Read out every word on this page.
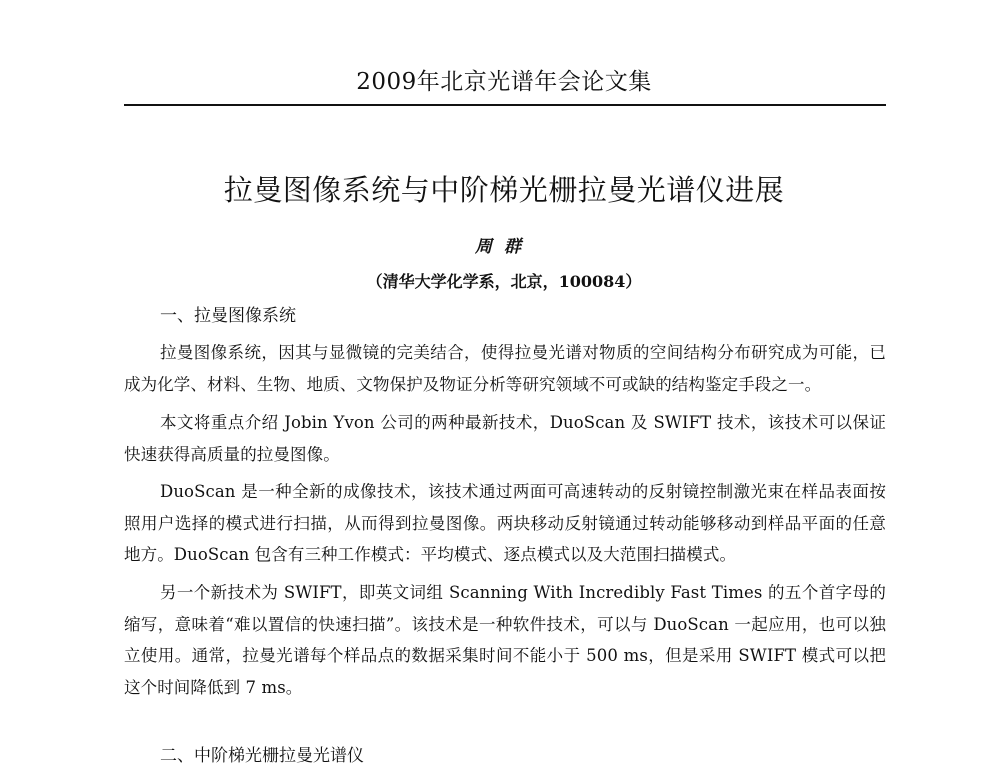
2009年北京光谱年会论文集
拉曼图像系统与中阶梯光栅拉曼光谱仪进展
周群
（清华大学化学系，北京，100084）
一、拉曼图像系统

拉曼图像系统，因其与显微镜的完美结合，使得拉曼光谱对物质的空间结构分布研究成为可能，已成为化学、材料、生物、地质、文物保护及物证分析等研究领域不可或缺的结构鉴定手段之一。

本文将重点介绍 Jobin Yvon 公司的两种最新技术，DuoScan 及 SWIFT 技术，该技术可以保证快速获得高质量的拉曼图像。

DuoScan 是一种全新的成像技术，该技术通过两面可高速转动的反射镜控制激光束在样品表面按照用户选择的模式进行扫描，从而得到拉曼图像。两块移动反射镜通过转动能够移动到样品平面的任意地方。DuoScan 包含有三种工作模式：平均模式、逐点模式以及大范围扫描模式。

另一个新技术为 SWIFT，即英文词组 Scanning With Incredibly Fast Times 的五个首字母的缩写，意味着“难以置信的快速扫描”。该技术是一种软件技术，可以与 DuoScan 一起应用，也可以独立使用。通常，拉曼光谱每个样品点的数据采集时间不能小于 500 ms，但是采用 SWIFT 模式可以把这个时间降低到 7 ms。

二、中阶梯光栅拉曼光谱仪
